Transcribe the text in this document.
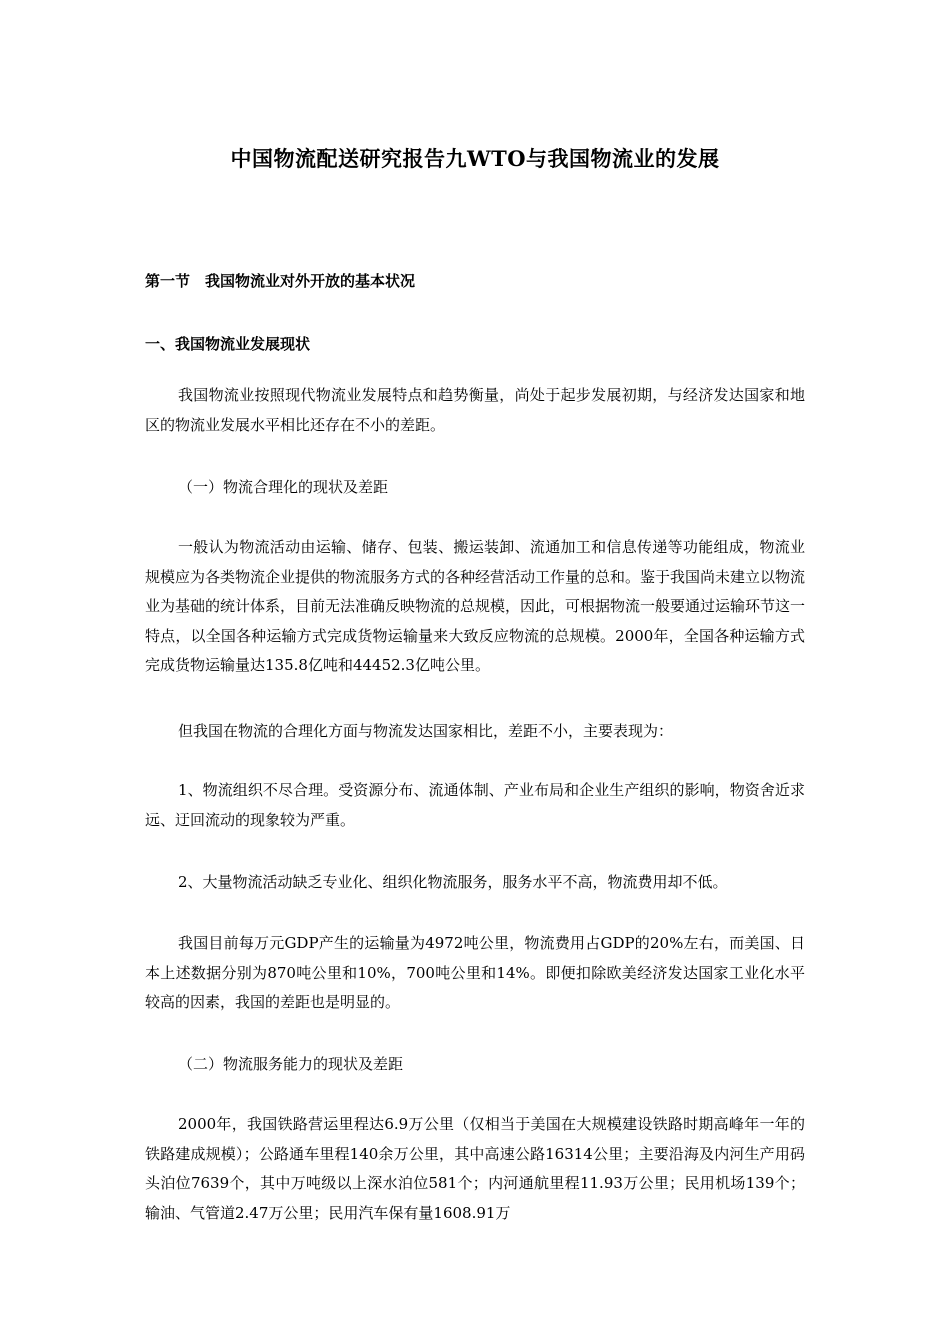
中国物流配送研究报告九WTO与我国物流业的发展
第一节　我国物流业对外开放的基本状况
一、我国物流业发展现状

我国物流业按照现代物流业发展特点和趋势衡量，尚处于起步发展初期，与经济发达国家和地区的物流业发展水平相比还存在不小的差距。

（一）物流合理化的现状及差距

一般认为物流活动由运输、储存、包装、搬运装卸、流通加工和信息传递等功能组成，物流业规模应为各类物流企业提供的物流服务方式的各种经营活动工作量的总和。鉴于我国尚未建立以物流业为基础的统计体系，目前无法准确反映物流的总规模，因此，可根据物流一般要通过运输环节这一特点，以全国各种运输方式完成货物运输量来大致反应物流的总规模。2000年，全国各种运输方式完成货物运输量达135.8亿吨和44452.3亿吨公里。

但我国在物流的合理化方面与物流发达国家相比，差距不小，主要表现为：

1、物流组织不尽合理。受资源分布、流通体制、产业布局和企业生产组织的影响，物资舍近求远、迂回流动的现象较为严重。

2、大量物流活动缺乏专业化、组织化物流服务，服务水平不高，物流费用却不低。

我国目前每万元GDP产生的运输量为4972吨公里，物流费用占GDP的20%左右，而美国、日本上述数据分别为870吨公里和10%，700吨公里和14%。即便扣除欧美经济发达国家工业化水平较高的因素，我国的差距也是明显的。

（二）物流服务能力的现状及差距

2000年，我国铁路营运里程达6.9万公里（仅相当于美国在大规模建设铁路时期高峰年一年的铁路建成规模）；公路通车里程140余万公里，其中高速公路16314公里；主要沿海及内河生产用码头泊位7639个，其中万吨级以上深水泊位581个；内河通航里程11.93万公里；民用机场139个；输油、气管道2.47万公里；民用汽车保有量1608.91万
